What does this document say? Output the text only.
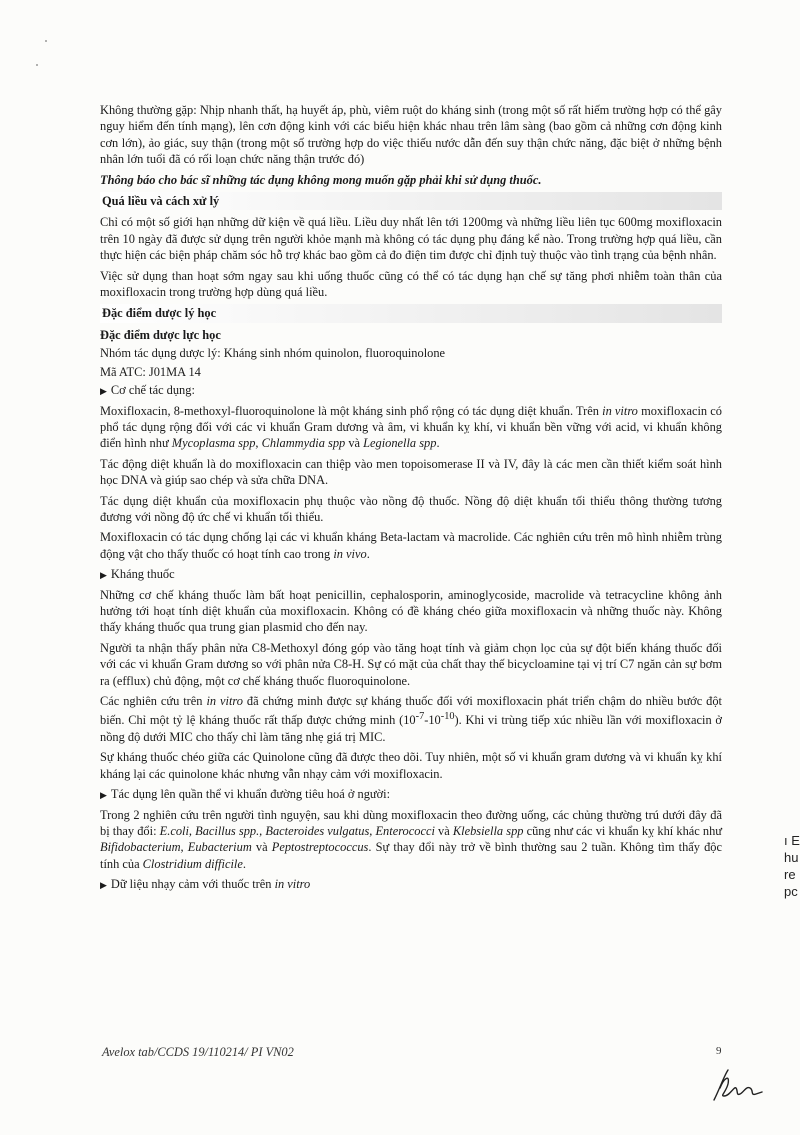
Không thường gặp: Nhịp nhanh thất, hạ huyết áp, phù, viêm ruột do kháng sinh (trong một số rất hiếm trường hợp có thể gây nguy hiểm đến tính mạng), lên cơn động kinh với các biểu hiện khác nhau trên lâm sàng (bao gồm cả những cơn động kinh cơn lớn), ảo giác, suy thận (trong một số trường hợp do việc thiếu nước dẫn đến suy thận chức năng, đặc biệt ở những bệnh nhân lớn tuổi đã có rối loạn chức năng thận trước đó)

Thông báo cho bác sĩ những tác dụng không mong muốn gặp phải khi sử dụng thuốc.

Quá liều và cách xử lý

Chỉ có một số giới hạn những dữ kiện về quá liều. Liều duy nhất lên tới 1200mg và những liều liên tục 600mg moxifloxacin trên 10 ngày đã được sử dụng trên người khỏe mạnh mà không có tác dụng phụ đáng kể nào. Trong trường hợp quá liều, cần thực hiện các biện pháp chăm sóc hỗ trợ khác bao gồm cả đo điện tim được chỉ định tuỳ thuộc vào tình trạng của bệnh nhân.

Việc sử dụng than hoạt sớm ngay sau khi uống thuốc cũng có thể có tác dụng hạn chế sự tăng phơi nhiễm toàn thân của moxifloxacin trong trường hợp dùng quá liều.

Đặc điểm dược lý học
Đặc điểm dược lực học
Nhóm tác dụng dược lý: Kháng sinh nhóm quinolon, fluoroquinolone
Mã ATC: J01MA 14
▶ Cơ chế tác dụng:

Moxifloxacin, 8-methoxyl-fluoroquinolone là một kháng sinh phổ rộng có tác dụng diệt khuẩn. Trên in vitro moxifloxacin có phổ tác dụng rộng đối với các vi khuẩn Gram dương và âm, vi khuẩn kỵ khí, vi khuẩn bền vững với acid, vi khuẩn không điển hình như Mycoplasma spp, Chlammydia spp và Legionella spp.

Tác động diệt khuẩn là do moxifloxacin can thiệp vào men topoisomerase II và IV, đây là các men cần thiết kiểm soát hình học DNA và giúp sao chép và sửa chữa DNA.

Tác dụng diệt khuẩn của moxifloxacin phụ thuộc vào nồng độ thuốc. Nồng độ diệt khuẩn tối thiểu thông thường tương đương với nồng độ ức chế vi khuẩn tối thiểu.

Moxifloxacin có tác dụng chống lại các vi khuẩn kháng Beta-lactam và macrolide. Các nghiên cứu trên mô hình nhiễm trùng động vật cho thấy thuốc có hoạt tính cao trong in vivo.

▶ Kháng thuốc

Những cơ chế kháng thuốc làm bất hoạt penicillin, cephalosporin, aminoglycoside, macrolide và tetracycline không ảnh hưởng tới hoạt tính diệt khuẩn của moxifloxacin. Không có đề kháng chéo giữa moxifloxacin và những thuốc này. Không thấy kháng thuốc qua trung gian plasmid cho đến nay.

Người ta nhận thấy phân nửa C8-Methoxyl đóng góp vào tăng hoạt tính và giảm chọn lọc của sự đột biến kháng thuốc đối với các vi khuẩn Gram dương so với phân nửa C8-H. Sự có mặt của chất thay thế bicycloamine tại vị trí C7 ngăn cản sự bơm ra (efflux) chủ động, một cơ chế kháng thuốc fluoroquinolone.

Các nghiên cứu trên in vitro đã chứng minh được sự kháng thuốc đối với moxifloxacin phát triển chậm do nhiều bước đột biến. Chỉ một tỷ lệ kháng thuốc rất thấp được chứng minh $(10^{-7}-10^{-10})$. Khi vi trùng tiếp xúc nhiều lần với moxifloxacin ở nồng độ dưới MIC cho thấy chỉ làm tăng nhẹ giá trị MIC.

Sự kháng thuốc chéo giữa các Quinolone cũng đã được theo dõi. Tuy nhiên, một số vi khuẩn gram dương và vi khuẩn kỵ khí kháng lại các quinolone khác nhưng vẫn nhạy cảm với moxifloxacin.

▶ Tác dụng lên quần thể vi khuẩn đường tiêu hoá ở người:

Trong 2 nghiên cứu trên người tình nguyện, sau khi dùng moxifloxacin theo đường uống, các chủng thường trú dưới đây đã bị thay đổi: E.coli, Bacillus spp., Bacteroides vulgatus, Enterococci và Klebsiella spp cũng như các vi khuẩn kỵ khí khác như Bifidobacterium, Eubacterium và Peptostreptococcus. Sự thay đổi này trở về bình thường sau 2 tuần. Không tìm thấy độc tính của Clostridium difficile.

▶ Dữ liệu nhạy cảm với thuốc trên in vitro
Avelox tab/CCDS 19/110214/ PI VN02	9
ı E
hu
re
pc
